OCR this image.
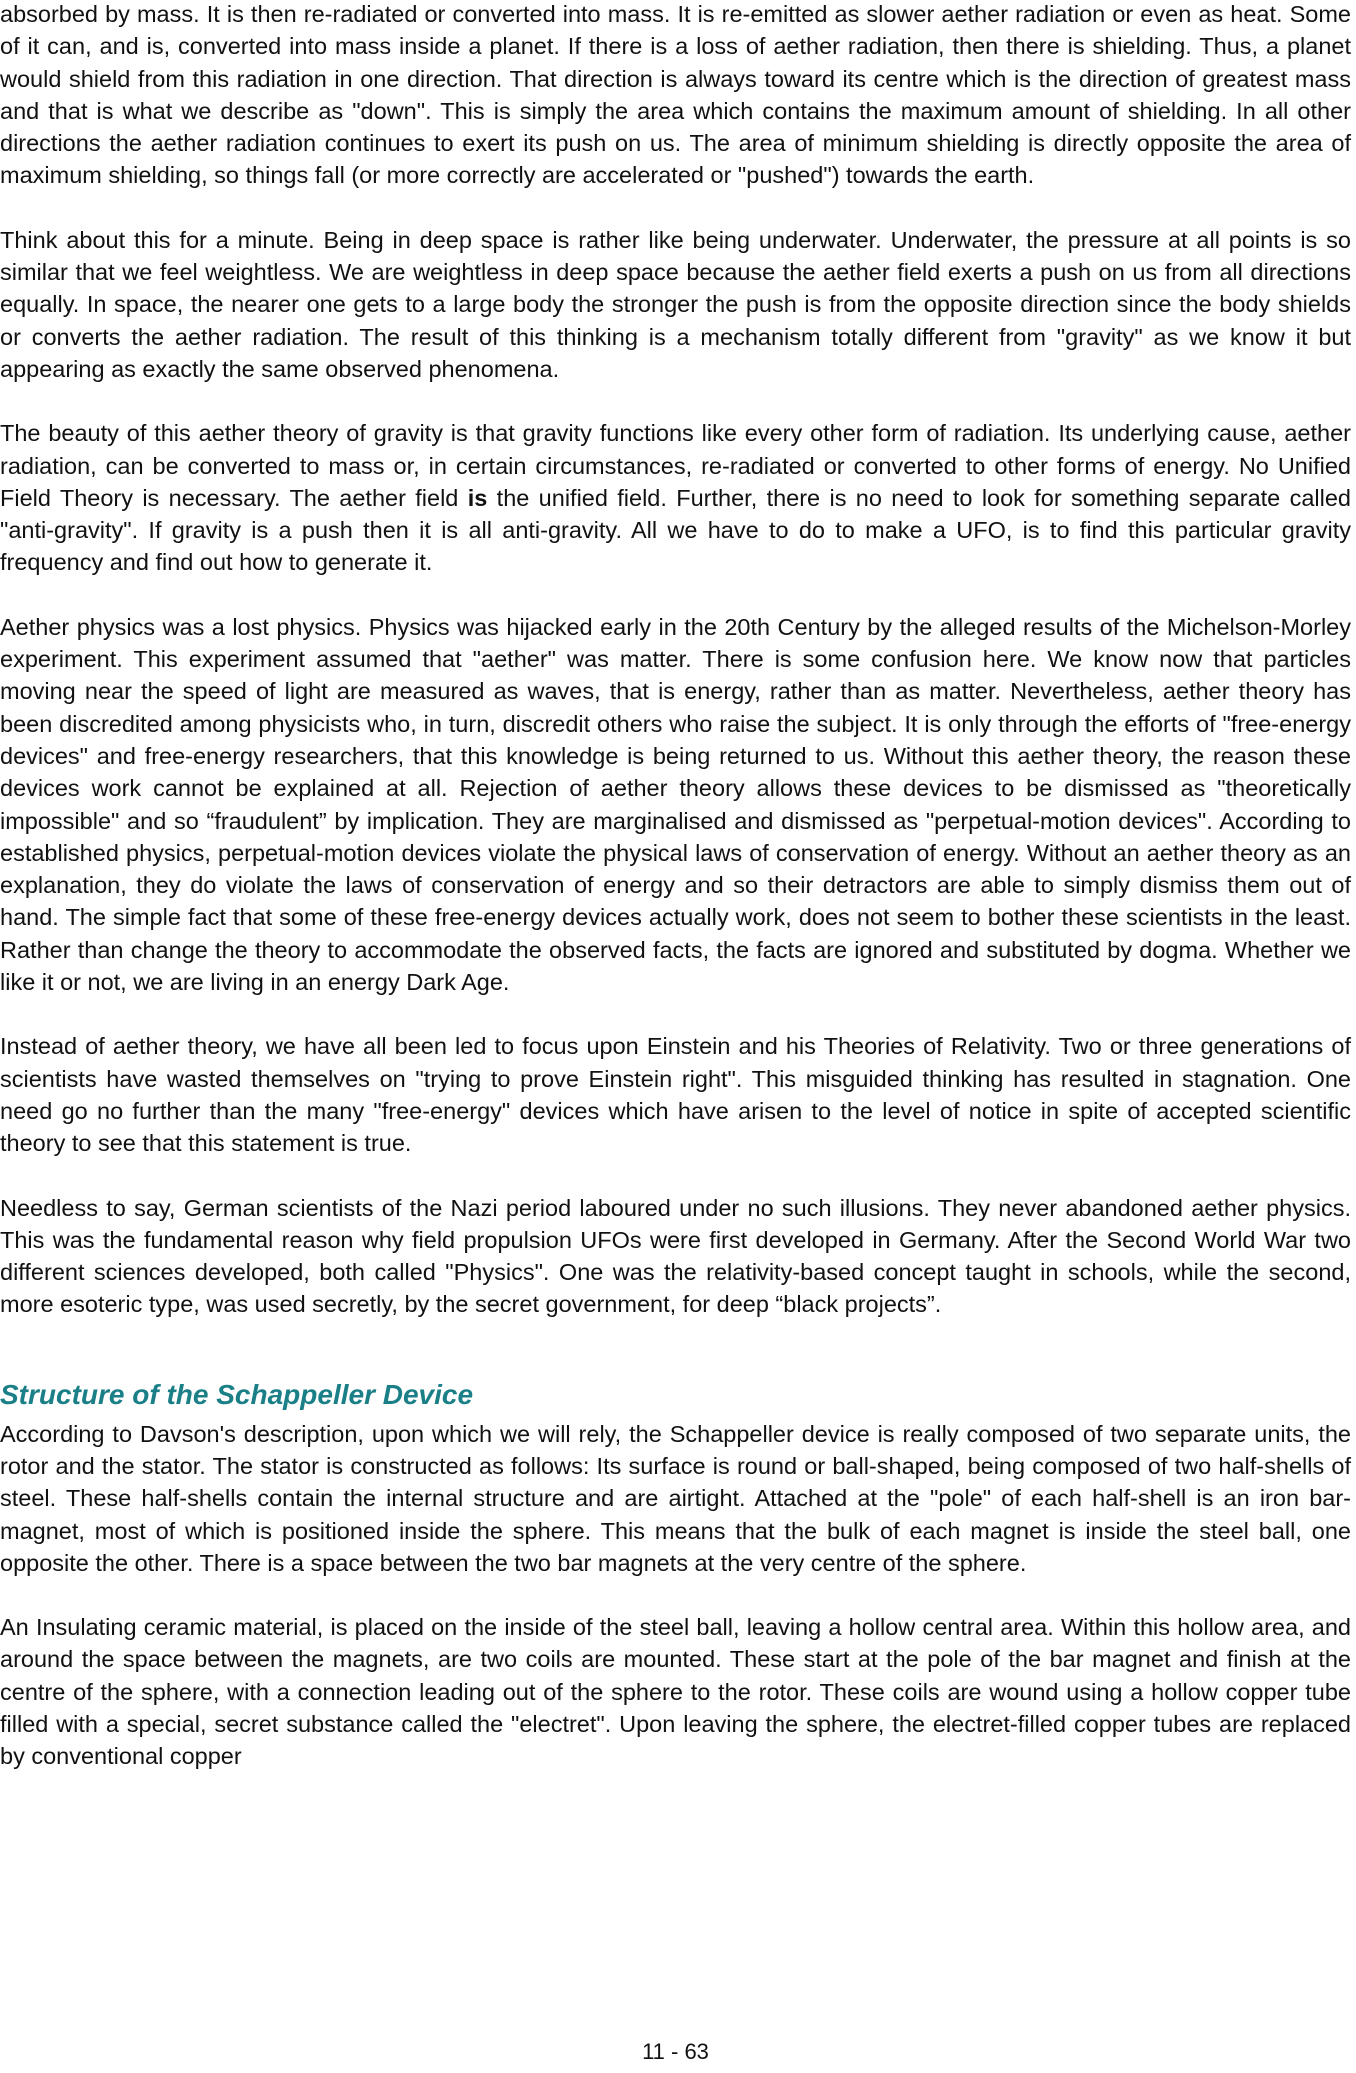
absorbed by mass. It is then re-radiated or converted into mass. It is re-emitted as slower aether radiation or even as heat. Some of it can, and is, converted into mass inside a planet. If there is a loss of aether radiation, then there is shielding. Thus, a planet would shield from this radiation in one direction. That direction is always toward its centre which is the direction of greatest mass and that is what we describe as "down". This is simply the area which contains the maximum amount of shielding. In all other directions the aether radiation continues to exert its push on us. The area of minimum shielding is directly opposite the area of maximum shielding, so things fall (or more correctly are accelerated or "pushed") towards the earth.

Think about this for a minute. Being in deep space is rather like being underwater. Underwater, the pressure at all points is so similar that we feel weightless. We are weightless in deep space because the aether field exerts a push on us from all directions equally. In space, the nearer one gets to a large body the stronger the push is from the opposite direction since the body shields or converts the aether radiation. The result of this thinking is a mechanism totally different from "gravity" as we know it but appearing as exactly the same observed phenomena.

The beauty of this aether theory of gravity is that gravity functions like every other form of radiation. Its underlying cause, aether radiation, can be converted to mass or, in certain circumstances, re-radiated or converted to other forms of energy. No Unified Field Theory is necessary. The aether field is the unified field. Further, there is no need to look for something separate called "anti-gravity". If gravity is a push then it is all anti-gravity. All we have to do to make a UFO, is to find this particular gravity frequency and find out how to generate it.

Aether physics was a lost physics. Physics was hijacked early in the 20th Century by the alleged results of the Michelson-Morley experiment. This experiment assumed that "aether" was matter. There is some confusion here. We know now that particles moving near the speed of light are measured as waves, that is energy, rather than as matter. Nevertheless, aether theory has been discredited among physicists who, in turn, discredit others who raise the subject. It is only through the efforts of "free-energy devices" and free-energy researchers, that this knowledge is being returned to us. Without this aether theory, the reason these devices work cannot be explained at all. Rejection of aether theory allows these devices to be dismissed as "theoretically impossible" and so “fraudulent” by implication. They are marginalised and dismissed as "perpetual-motion devices". According to established physics, perpetual-motion devices violate the physical laws of conservation of energy. Without an aether theory as an explanation, they do violate the laws of conservation of energy and so their detractors are able to simply dismiss them out of hand. The simple fact that some of these free-energy devices actually work, does not seem to bother these scientists in the least. Rather than change the theory to accommodate the observed facts, the facts are ignored and substituted by dogma. Whether we like it or not, we are living in an energy Dark Age.

Instead of aether theory, we have all been led to focus upon Einstein and his Theories of Relativity. Two or three generations of scientists have wasted themselves on "trying to prove Einstein right". This misguided thinking has resulted in stagnation. One need go no further than the many "free-energy" devices which have arisen to the level of notice in spite of accepted scientific theory to see that this statement is true.

Needless to say, German scientists of the Nazi period laboured under no such illusions. They never abandoned aether physics. This was the fundamental reason why field propulsion UFOs were first developed in Germany. After the Second World War two different sciences developed, both called "Physics". One was the relativity-based concept taught in schools, while the second, more esoteric type, was used secretly, by the secret government, for deep “black projects”.

Structure of the Schappeller Device

According to Davson's description, upon which we will rely, the Schappeller device is really composed of two separate units, the rotor and the stator. The stator is constructed as follows: Its surface is round or ball-shaped, being composed of two half-shells of steel. These half-shells contain the internal structure and are airtight. Attached at the "pole" of each half-shell is an iron bar-magnet, most of which is positioned inside the sphere. This means that the bulk of each magnet is inside the steel ball, one opposite the other. There is a space between the two bar magnets at the very centre of the sphere.

An Insulating ceramic material, is placed on the inside of the steel ball, leaving a hollow central area. Within this hollow area, and around the space between the magnets, are two coils are mounted. These start at the pole of the bar magnet and finish at the centre of the sphere, with a connection leading out of the sphere to the rotor. These coils are wound using a hollow copper tube filled with a special, secret substance called the "electret". Upon leaving the sphere, the electret-filled copper tubes are replaced by conventional copper

11 - 63
